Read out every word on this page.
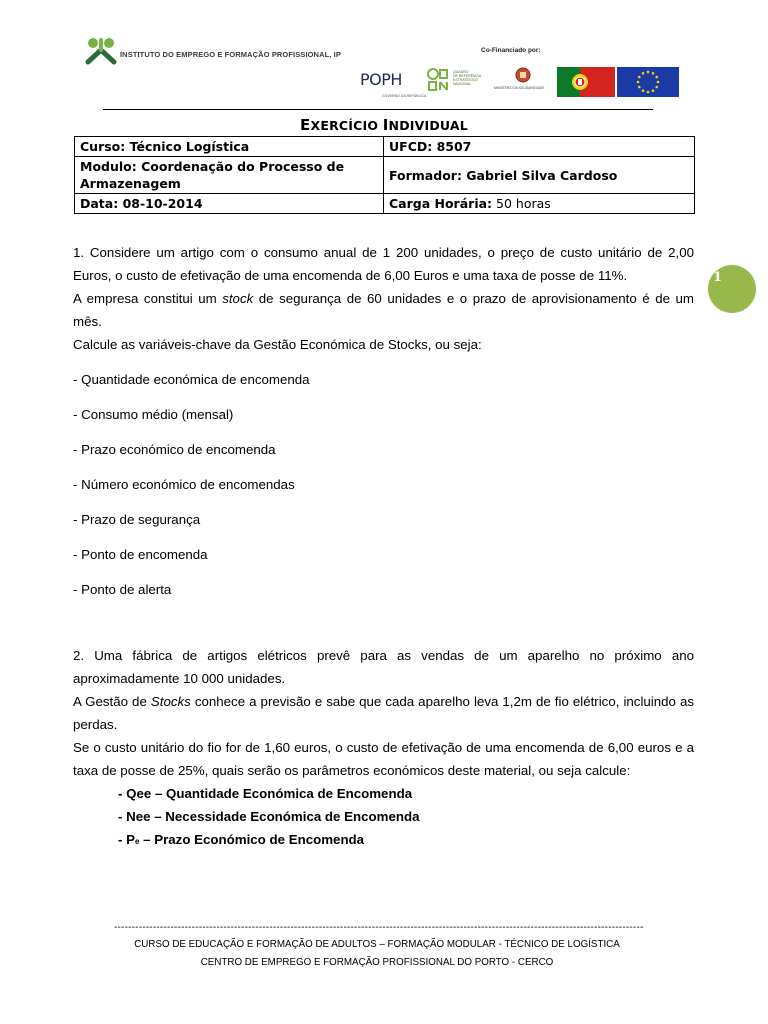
INSTITUTO DO EMPREGO E FORMAÇÃO PROFISSIONAL, IP	Co-Financiado por:
POPH
GOVERNO DA REPÚBLICA
QUADRO
DE REFERÊNCIA
ESTRATÉGICO
NACIONAL
MINISTÉRIO DA SOLIDARIEDADE
EXERCÍCIO INDIVIDUAL
Curso: Técnico Logística	UFCD: 8507
Modulo: Coordenação do Processo de Armazenagem	Formador: Gabriel Silva Cardoso
Data: 08-10-2014	Carga Horária: 50 horas

1. Considere um artigo com o consumo anual de 1 200 unidades, o preço de custo unitário de 2,00 Euros, o custo de efetivação de uma encomenda de 6,00 Euros e uma taxa de posse de 11%.

A empresa constitui um stock de segurança de 60 unidades e o prazo de aprovisionamento é de um mês.

Calcule as variáveis-chave da Gestão Económica de Stocks, ou seja:

- Quantidade económica de encomenda
- Consumo médio (mensal)
- Prazo económico de encomenda
- Número económico de encomendas
- Prazo de segurança
- Ponto de encomenda
- Ponto de alerta

2. Uma fábrica de artigos elétricos prevê para as vendas de um aparelho no próximo ano aproximadamente 10 000 unidades.

A Gestão de Stocks conhece a previsão e sabe que cada aparelho leva 1,2m de fio elétrico, incluindo as perdas.

Se o custo unitário do fio for de 1,60 euros, o custo de efetivação de uma encomenda de 6,00 euros e a taxa de posse de 25%, quais serão os parâmetros económicos deste material, ou seja calcule:

- Qee – Quantidade Económica de Encomenda
- Nee – Necessidade Económica de Encomenda
- Pe – Prazo Económico de Encomenda
1
------------------------------------------------------------------------------------------------------------------------------------------------------
CURSO DE EDUCAÇÃO E FORMAÇÃO DE ADULTOS – FORMAÇÃO MODULAR - TÉCNICO DE LOGÍSTICA
CENTRO DE EMPREGO E FORMAÇÃO PROFISSIONAL DO PORTO - CERCO
